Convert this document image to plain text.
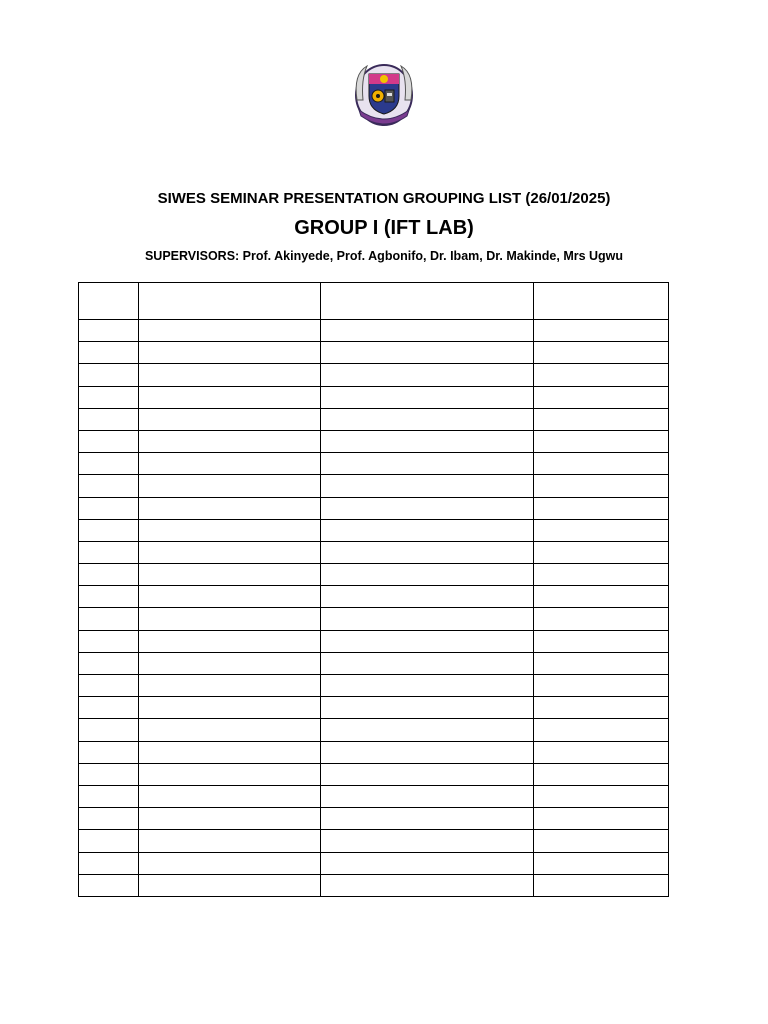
SIWES SEMINAR PRESENTATION GROUPING LIST (26/01/2025)
GROUP I (IFT LAB)
SUPERVISORS: Prof. Akinyede, Prof. Agbonifo, Dr. Ibam, Dr. Makinde, Mrs Ugwu
